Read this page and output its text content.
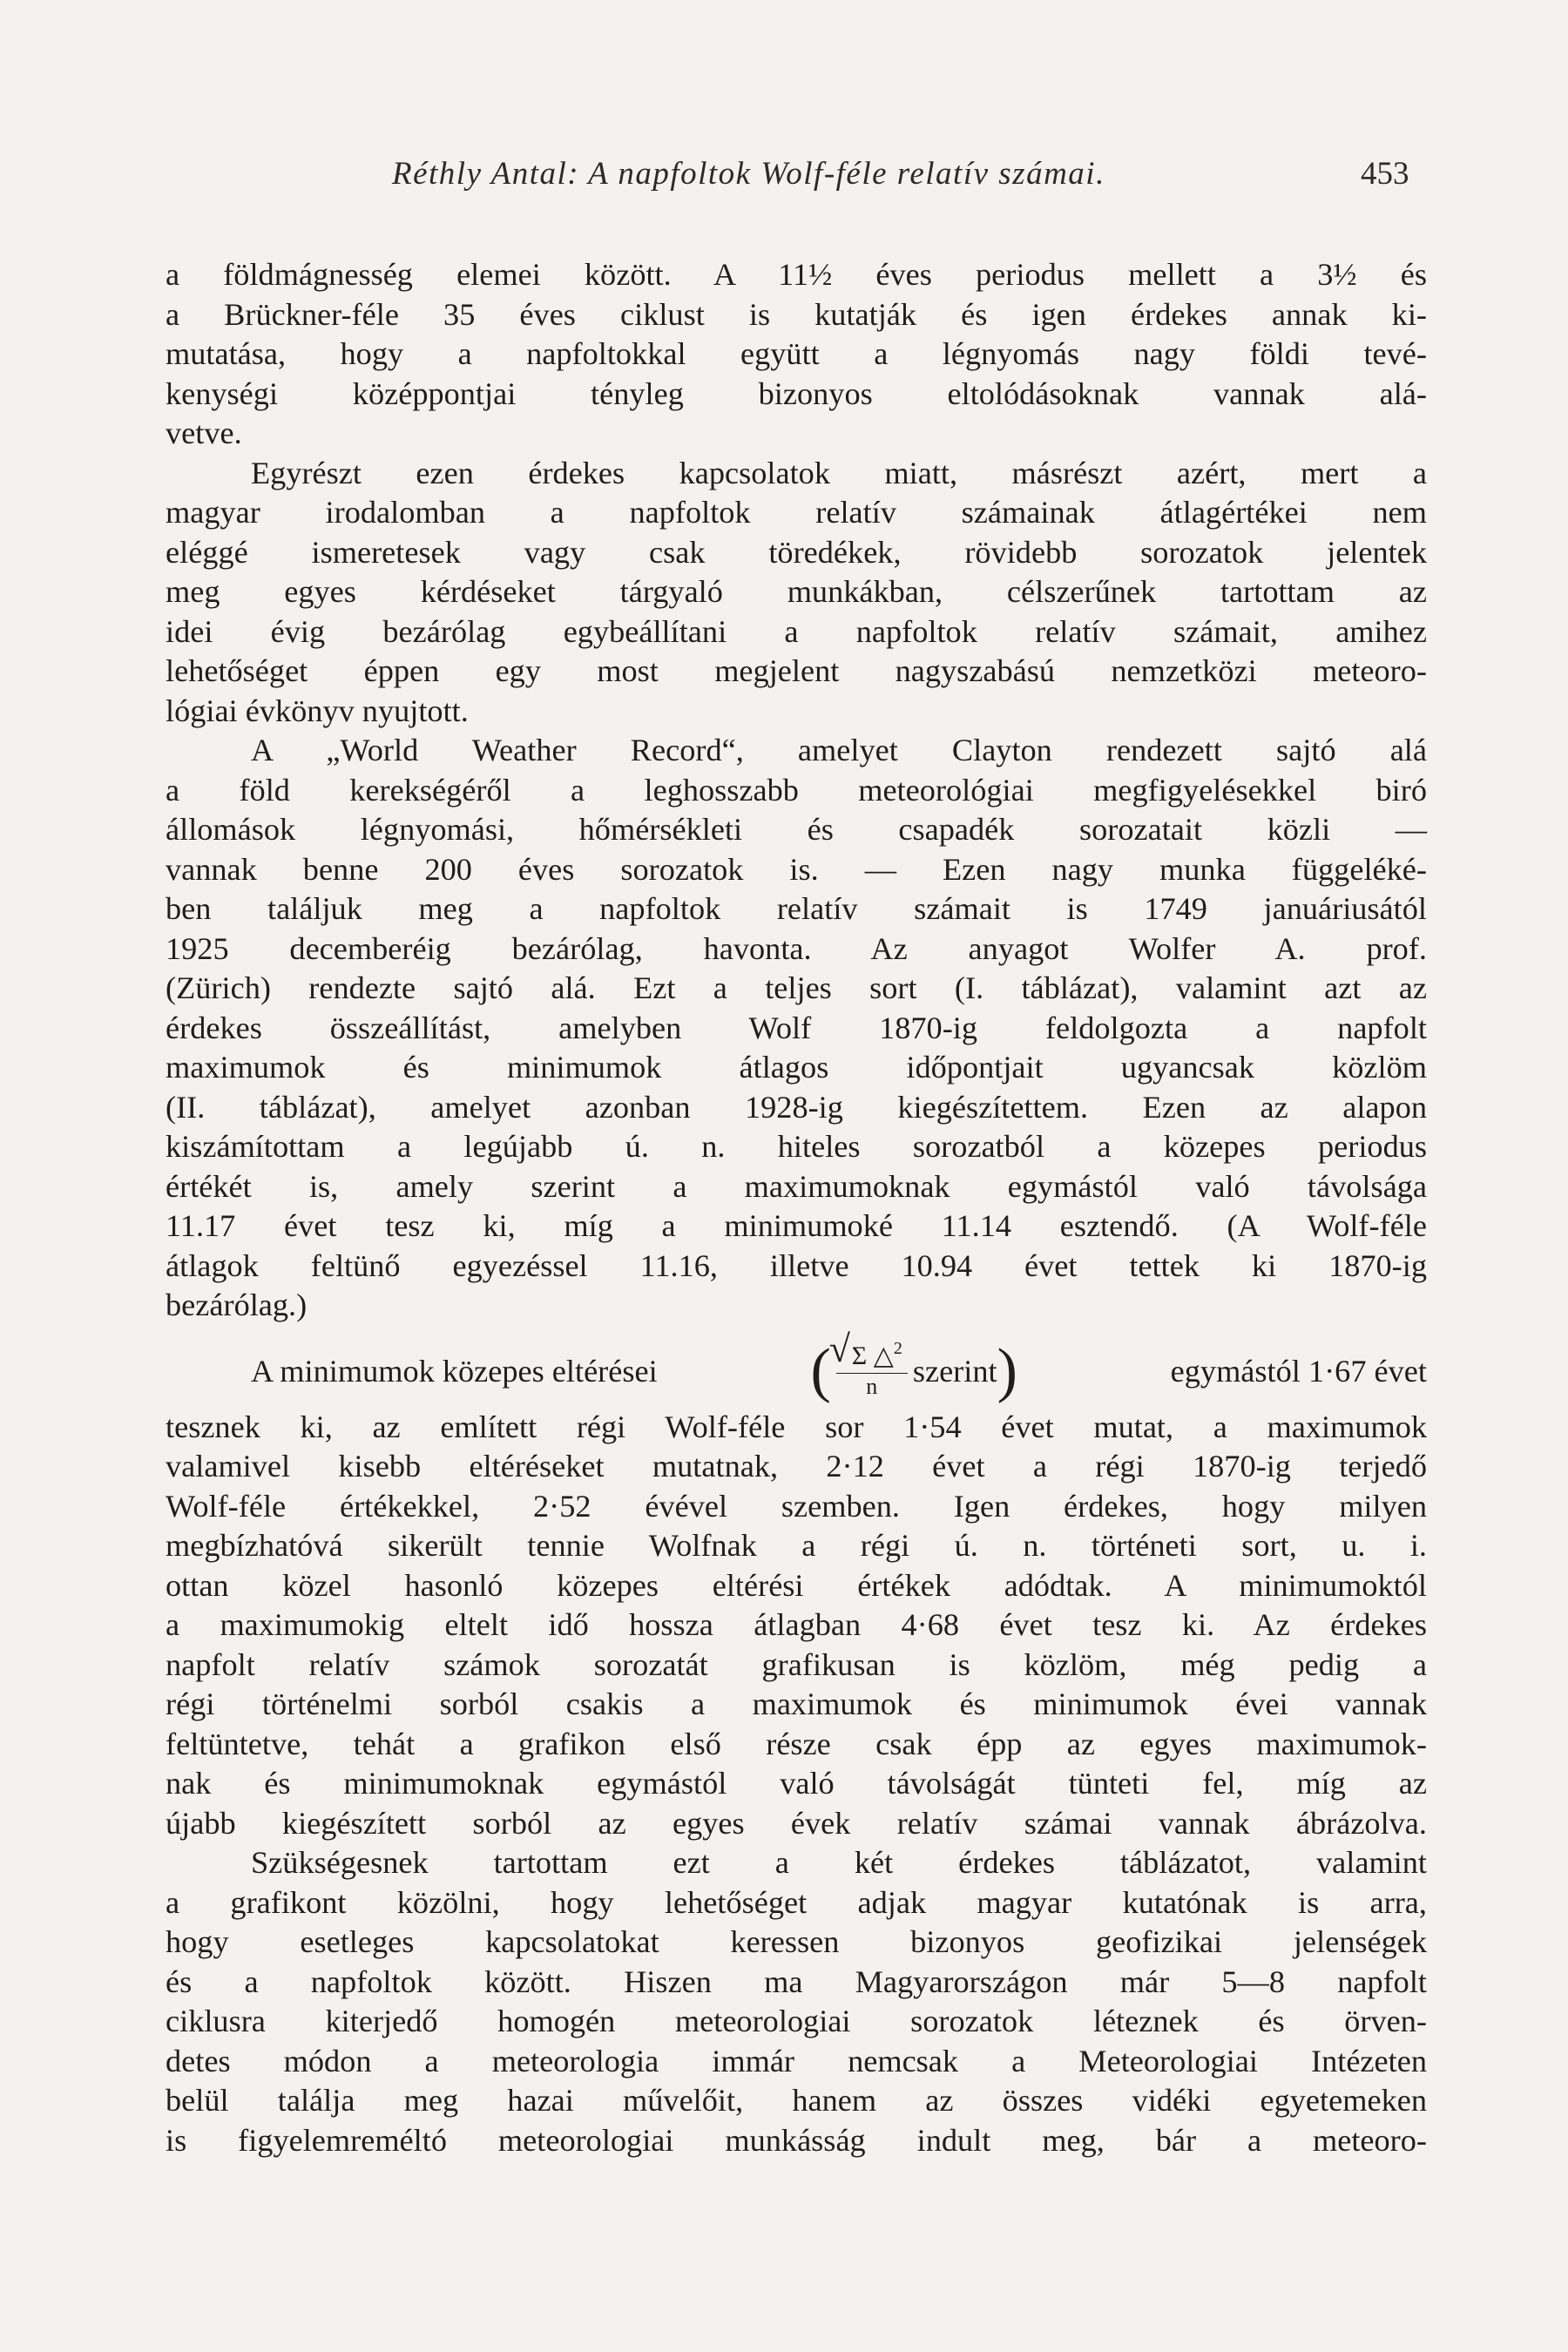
Réthly Antal: A napfoltok Wolf-féle relatív számai.	453
a földmágnesség elemei között. A 11½ éves periodus mellett a 3½ és
a Brückner-féle 35 éves ciklust is kutatják és igen érdekes annak ki-
mutatása, hogy a napfoltokkal együtt a légnyomás nagy földi tevé-
kenységi középpontjai tényleg bizonyos eltolódásoknak vannak alá-
vetve.
Egyrészt ezen érdekes kapcsolatok miatt, másrészt azért, mert a
magyar irodalomban a napfoltok relatív számainak átlagértékei nem
eléggé ismeretesek vagy csak töredékek, rövidebb sorozatok jelentek
meg egyes kérdéseket tárgyaló munkákban, célszerűnek tartottam az
idei évig bezárólag egybeállítani a napfoltok relatív számait, amihez
lehetőséget éppen egy most megjelent nagyszabású nemzetközi meteoro-
lógiai évkönyv nyujtott.
A „World Weather Record“, amelyet Clayton rendezett sajtó alá
a föld kerekségéről a leghosszabb meteorológiai megfigyelésekkel biró
állomások légnyomási, hőmérsékleti és csapadék sorozatait közli —
vannak benne 200 éves sorozatok is. — Ezen nagy munka függeléké-
ben találjuk meg a napfoltok relatív számait is 1749 januáriusától
1925 decemberéig bezárólag, havonta. Az anyagot Wolfer A. prof.
(Zürich) rendezte sajtó alá. Ezt a teljes sort (I. táblázat), valamint azt az
érdekes összeállítást, amelyben Wolf 1870-ig feldolgozta a napfolt
maximumok és minimumok átlagos időpontjait ugyancsak közlöm
(II. táblázat), amelyet azonban 1928-ig kiegészítettem. Ezen az alapon
kiszámítottam a legújabb ú. n. hiteles sorozatból a közepes periodus
értékét is, amely szerint a maximumoknak egymástól való távolsága
11.17 évet tesz ki, míg a minimumoké 11.14 esztendő. (A Wolf-féle
átlagok feltünő egyezéssel 11.16, illetve 10.94 évet tettek ki 1870-ig
bezárólag.)
A minimumok közepes eltérései	( $\frac{√ \Sigma \triangle^2}{n}$ szerint )	egymástól 1·67 évet
tesznek ki, az említett régi Wolf-féle sor 1·54 évet mutat, a maximumok
valamivel kisebb eltéréseket mutatnak, 2·12 évet a régi 1870-ig terjedő
Wolf-féle értékekkel, 2·52 évével szemben. Igen érdekes, hogy milyen
megbízhatóvá sikerült tennie Wolfnak a régi ú. n. történeti sort, u. i.
ottan közel hasonló közepes eltérési értékek adódtak. A minimumoktól
a maximumokig eltelt idő hossza átlagban 4·68 évet tesz ki. Az érdekes
napfolt relatív számok sorozatát grafikusan is közlöm, még pedig a
régi történelmi sorból csakis a maximumok és minimumok évei vannak
feltüntetve, tehát a grafikon első része csak épp az egyes maximumok-
nak és minimumoknak egymástól való távolságát tünteti fel, míg az
újabb kiegészített sorból az egyes évek relatív számai vannak ábrázolva.
Szükségesnek tartottam ezt a két érdekes táblázatot, valamint
a grafikont közölni, hogy lehetőséget adjak magyar kutatónak is arra,
hogy esetleges kapcsolatokat keressen bizonyos geofizikai jelenségek
és a napfoltok között. Hiszen ma Magyarországon már 5—8 napfolt
ciklusra kiterjedő homogén meteorologiai sorozatok léteznek és örven-
detes módon a meteorologia immár nemcsak a Meteorologiai Intézeten
belül találja meg hazai művelőit, hanem az összes vidéki egyetemeken
is figyelemreméltó meteorologiai munkásság indult meg, bár a meteoro-
